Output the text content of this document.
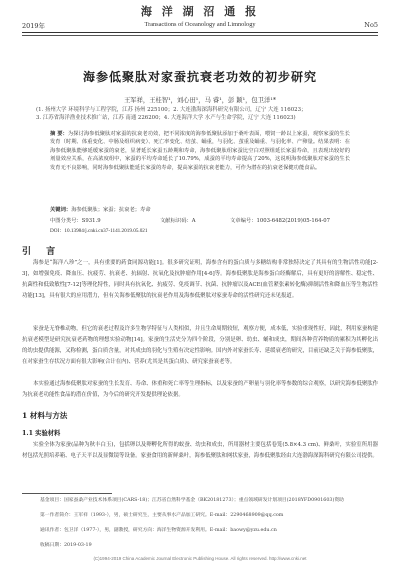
海 洋 湖 沼 通 报
2019年	Transactions of Oceanology and Limnology	No5
海参低聚肽对家蚕抗衰老功效的初步研究
王军祥，王桂智¹，刘心田¹，马 睿¹，彭 颖¹，包卫洋¹*
(1. 扬州大学 环境科学与工程学院，江苏 扬州 225100；2. 大连渤海深海科研究有限公司，辽宁 大连 116023；
3. 江苏省海洋渔业技术推广站，江苏 南通 226200；4. 大连海洋大学 水产与生命学院，辽宁 大连 116023)
摘 要：为探讨海参低聚肽对家蚕的抗衰老功效，把不同浓度的海参低聚肽添加于桑叶表面，喂饲一龄以上家蚕，观察家蚕的生长发育（时期、体重变化、中肠及组织病变）、死亡率变化、结茧、蛹重，与羽化、茧重及蛹重、与羽化率、产卵量。结果表明：在海参低聚肽能够延缓家蚕的衰老，显著延长家蚕五龄期和寿命，海参低聚肽组家蚕比空白对照组延长家蚕寿命，且表现出较好的剂量效应关系，在高浓度组中，家蚕的平均寿命延长了10.79%，成蚕的平均寿命提高了20%，这说明海参低聚肽对家蚕的生长发育无不良影响，同时海参低聚肽能延长家蚕的寿命，提高家蚕的抗衰老能力，可作为潜在的抗衰老保健功能食品。
关键词：海参低聚肽；家蚕；抗衰老；寿命
中图分类号：S931.9	文献标识码：A	文章编号：1003-6482(2019)05-164-07
DOI：10.13984/j.cnki.cn37-1141.2019.05.021
引 言
海参是“海洋八珍”之一，具有重要的药食同源功能[1]。很多研究证明，海参含有的蛋白质与多糖结构非常独特决定了其具有的生物活性功能[2-3]，如增强免疫、降血压、抗疲劳、抗衰老、抗辐射、抗氧化及抗肿瘤作用[4-6]等。海参低聚肽是海参蛋白经酶解后，具有更好的溶解性、稳定性、抗菌性和低致敏性[7-12]等理化特性，同时具有抗氧化、抗疲劳、免疫调节、抗菌、抗肿瘤以及ACE(血管紧张素转化酶)抑制活性和降血压等生物活性功能[13]，具有很大的应用潜力，但有关海参低聚肽的抗衰老作用及海参低聚肽对家蚕寿命的活性研究还未见报道。
家蚕是无脊椎动物，但它的衰老过程及许多生物学特征与人类相似，并且生命周期较短，观察方便，成本低，实验重现性好，因此，利用家蚕构建抗衰老模型是研究抗衰老药物的理想实验动物[14]。家蚕的生活史分为四个阶段，分别是卵、幼虫、蛹和成虫，期间各种营养物质的累积为其孵化出的幼虫提供能源，又称检测，蛋白质含量，对其成虫的羽化与生殖有决定性影响。国内外对家蚕长寿、延缓衰老的研究，目前还缺乏关于海参低聚肽，在对家蚕生存状况方面有很大影响(合计在内)、营养(尤其是其蛋白质)、研究家蚕衰老等。
本实验通过海参低聚肽对家蚕的生长发育、寿命、体重和死亡率等生理指标，以及家蚕的产卵量与羽化率等参数的综合观察，以研究海参低聚肽作为抗衰老功能性食品的潜在价值，为今后的研究开发提供理论依据。
1 材料与方法
1.1 实验材料
实验全体为家蚕(品种为秋丰白玉)，包括卵以及卵孵化所得的蚁蚕、幼虫和成虫，所用器材主要包括卷笼(5.8×4.3 cm)、鲜桑叶，实验室所用器材包括光照培养箱、电子天平以及显微镜等设备。家蚕食用的新鲜桑叶，海参低聚肽和网状家蚕，海参低聚肽经由大连渤海深海科研究有限公司提供。
基金项目：国家蚕桑产业技术体系项目(CARS-18)；江苏省自然科学基金（BK20181273）；重点领域研发计划项目(2018YFD0901603)资助
第一作者简介：王军祥（1993-），男，硕士研究生，主要从事水产品加工研究。E-mail：2290468909@qq.com
通讯作者：包卫洋（1977-），男，副教授，研究方向：海洋生物资源开发利用。E-mail：baowy@yzu.edu.cn
收稿日期：2019-03-19
(C)1994-2019 China Academic Journal Electronic Publishing House. All rights reserved. http://www.cnki.net
